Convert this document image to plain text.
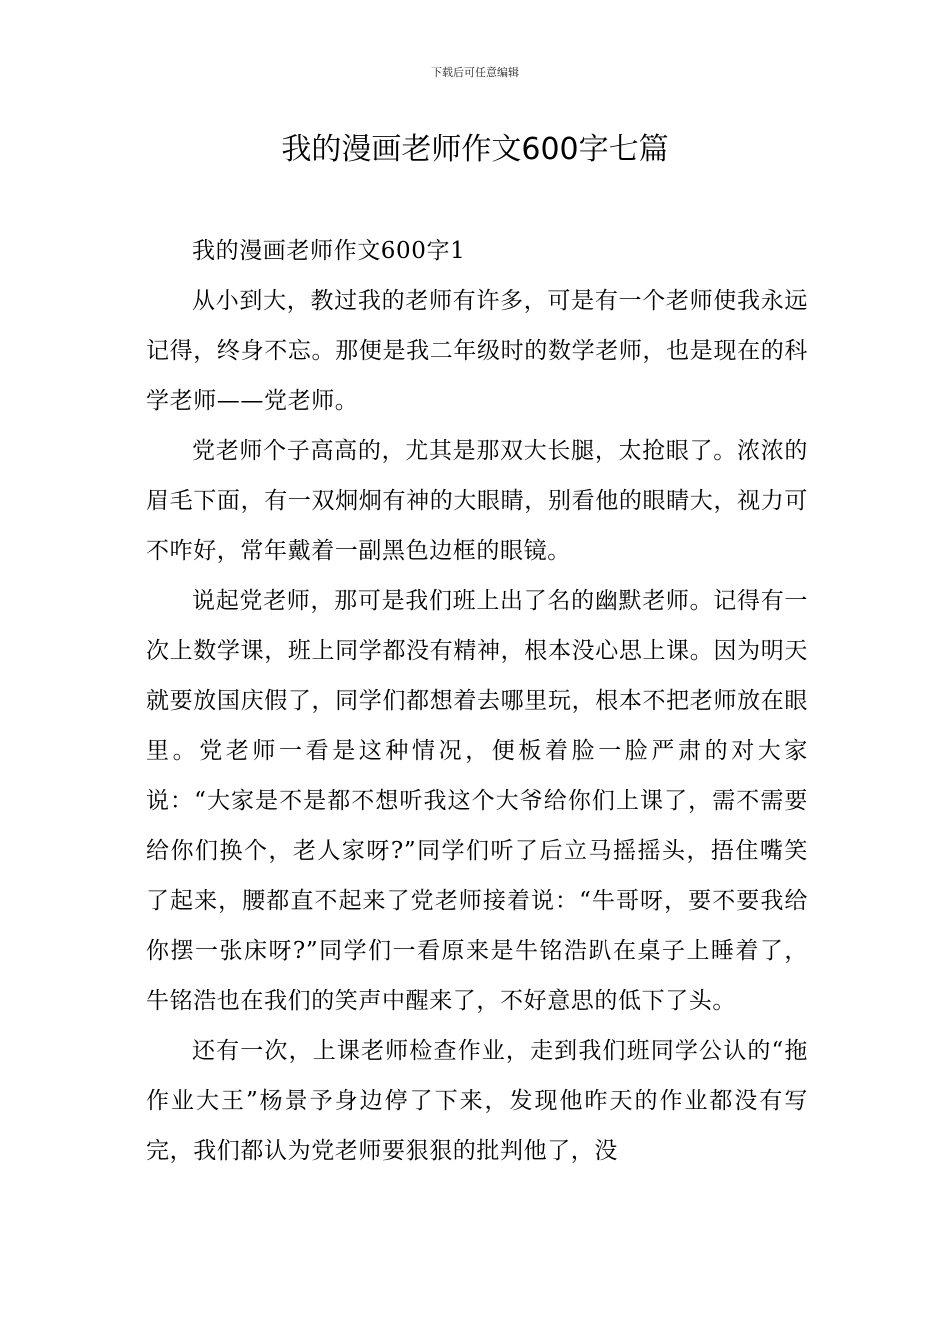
下载后可任意编辑
我的漫画老师作文600字七篇

我的漫画老师作文600字1

从小到大，教过我的老师有许多，可是有一个老师使我永远记得，终身不忘。那便是我二年级时的数学老师，也是现在的科学老师——党老师。

党老师个子高高的，尤其是那双大长腿，太抢眼了。浓浓的眉毛下面，有一双炯炯有神的大眼睛，别看他的眼睛大，视力可不咋好，常年戴着一副黑色边框的眼镜。

说起党老师，那可是我们班上出了名的幽默老师。记得有一次上数学课，班上同学都没有精神，根本没心思上课。因为明天就要放国庆假了，同学们都想着去哪里玩，根本不把老师放在眼里。党老师一看是这种情况，便板着脸一脸严肃的对大家说：“大家是不是都不想听我这个大爷给你们上课了，需不需要给你们换个，老人家呀?”同学们听了后立马摇摇头，捂住嘴笑了起来，腰都直不起来了党老师接着说：“牛哥呀，要不要我给你摆一张床呀?”同学们一看原来是牛铭浩趴在桌子上睡着了，牛铭浩也在我们的笑声中醒来了，不好意思的低下了头。

还有一次，上课老师检查作业，走到我们班同学公认的“拖作业大王”杨景予身边停了下来，发现他昨天的作业都没有写完，我们都认为党老师要狠狠的批判他了，没
